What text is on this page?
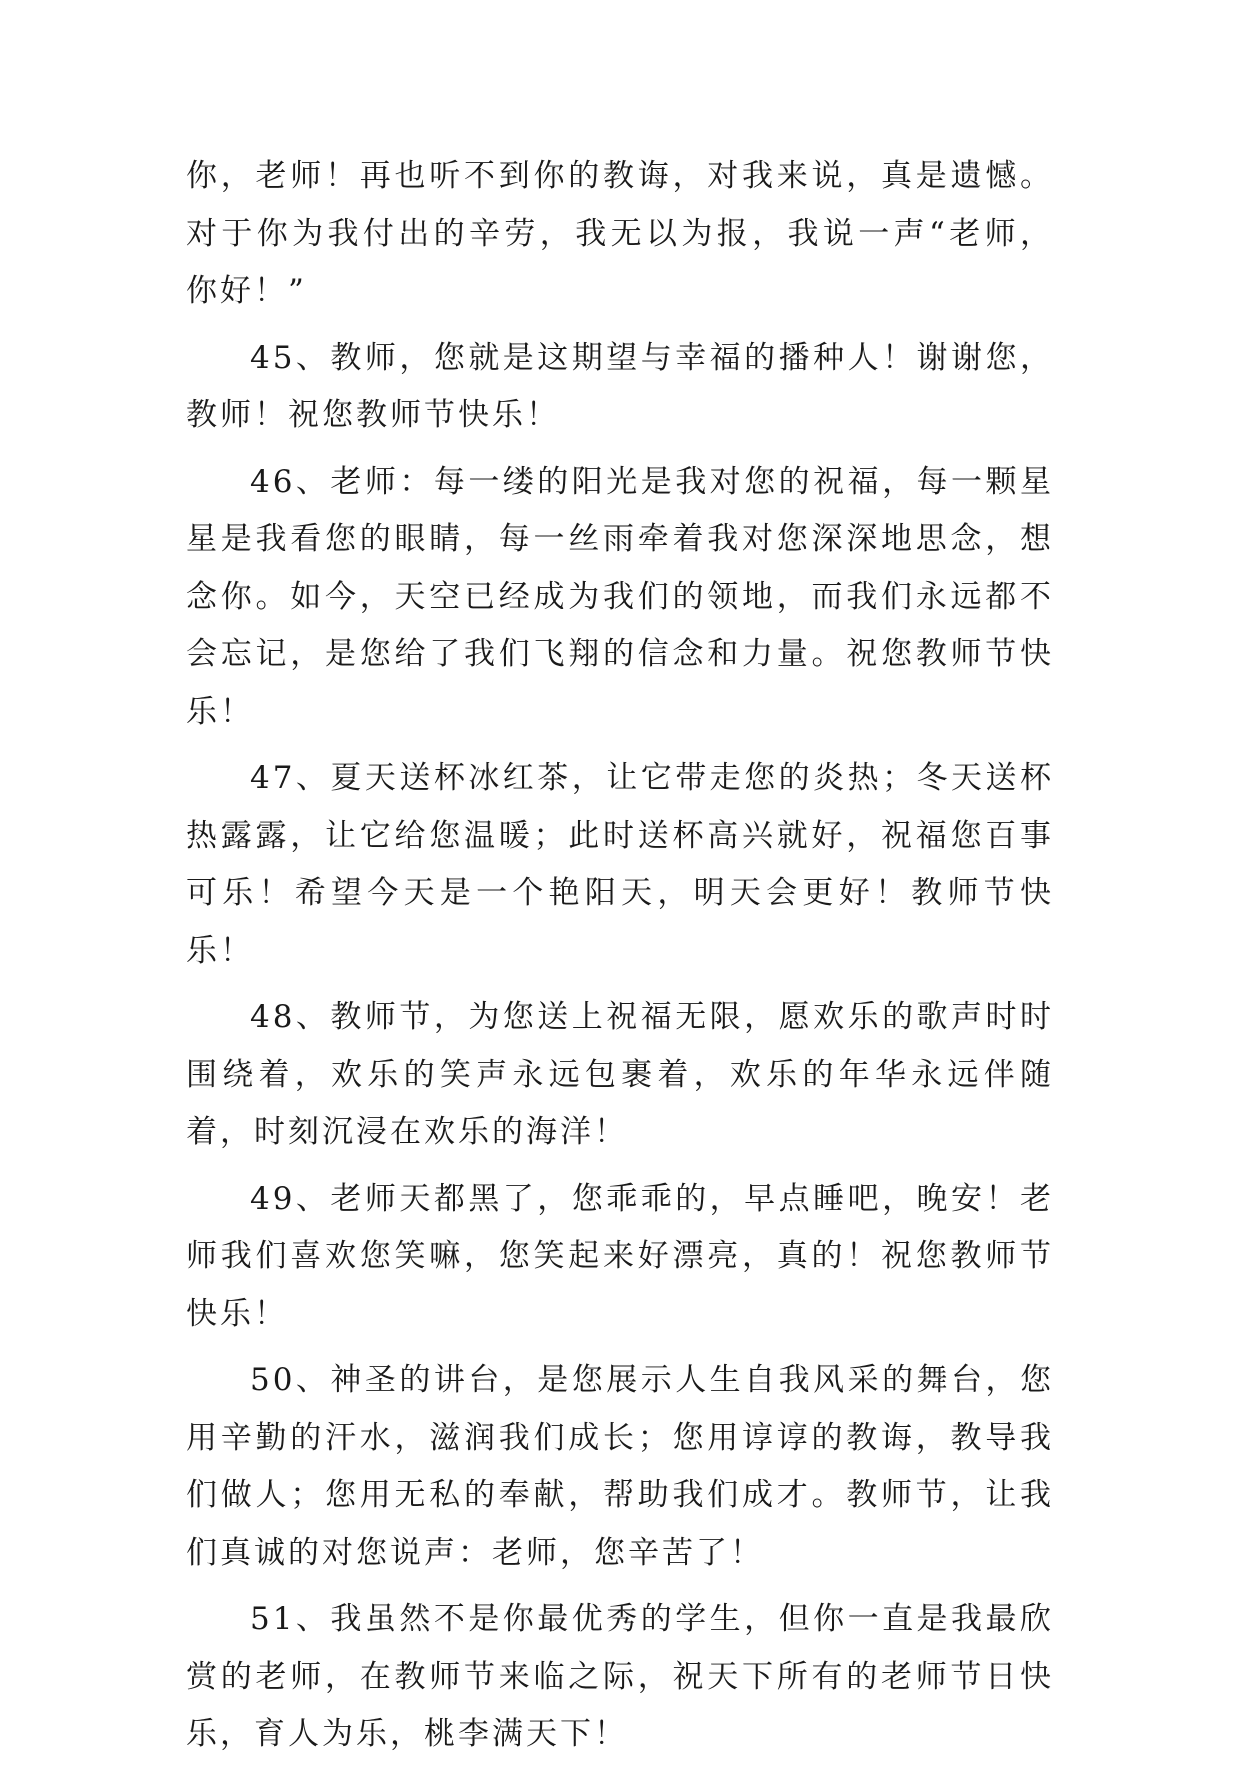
你，老师！再也听不到你的教诲，对我来说，真是遗憾。对于你为我付出的辛劳，我无以为报，我说一声“老师，你好！”

45、教师，您就是这期望与幸福的播种人！谢谢您，教师！祝您教师节快乐！

46、老师：每一缕的阳光是我对您的祝福，每一颗星星是我看您的眼睛，每一丝雨牵着我对您深深地思念，想念你。如今，天空已经成为我们的领地，而我们永远都不会忘记，是您给了我们飞翔的信念和力量。祝您教师节快乐！

47、夏天送杯冰红茶，让它带走您的炎热；冬天送杯热露露，让它给您温暖；此时送杯高兴就好，祝福您百事可乐！希望今天是一个艳阳天，明天会更好！教师节快乐！

48、教师节，为您送上祝福无限，愿欢乐的歌声时时围绕着，欢乐的笑声永远包裹着，欢乐的年华永远伴随着，时刻沉浸在欢乐的海洋！

49、老师天都黑了，您乖乖的，早点睡吧，晚安！老师我们喜欢您笑嘛，您笑起来好漂亮，真的！祝您教师节快乐！

50、神圣的讲台，是您展示人生自我风采的舞台，您用辛勤的汗水，滋润我们成长；您用谆谆的教诲，教导我们做人；您用无私的奉献，帮助我们成才。教师节，让我们真诚的对您说声：老师，您辛苦了！

51、我虽然不是你最优秀的学生，但你一直是我最欣赏的老师，在教师节来临之际，祝天下所有的老师节日快乐，育人为乐，桃李满天下！
